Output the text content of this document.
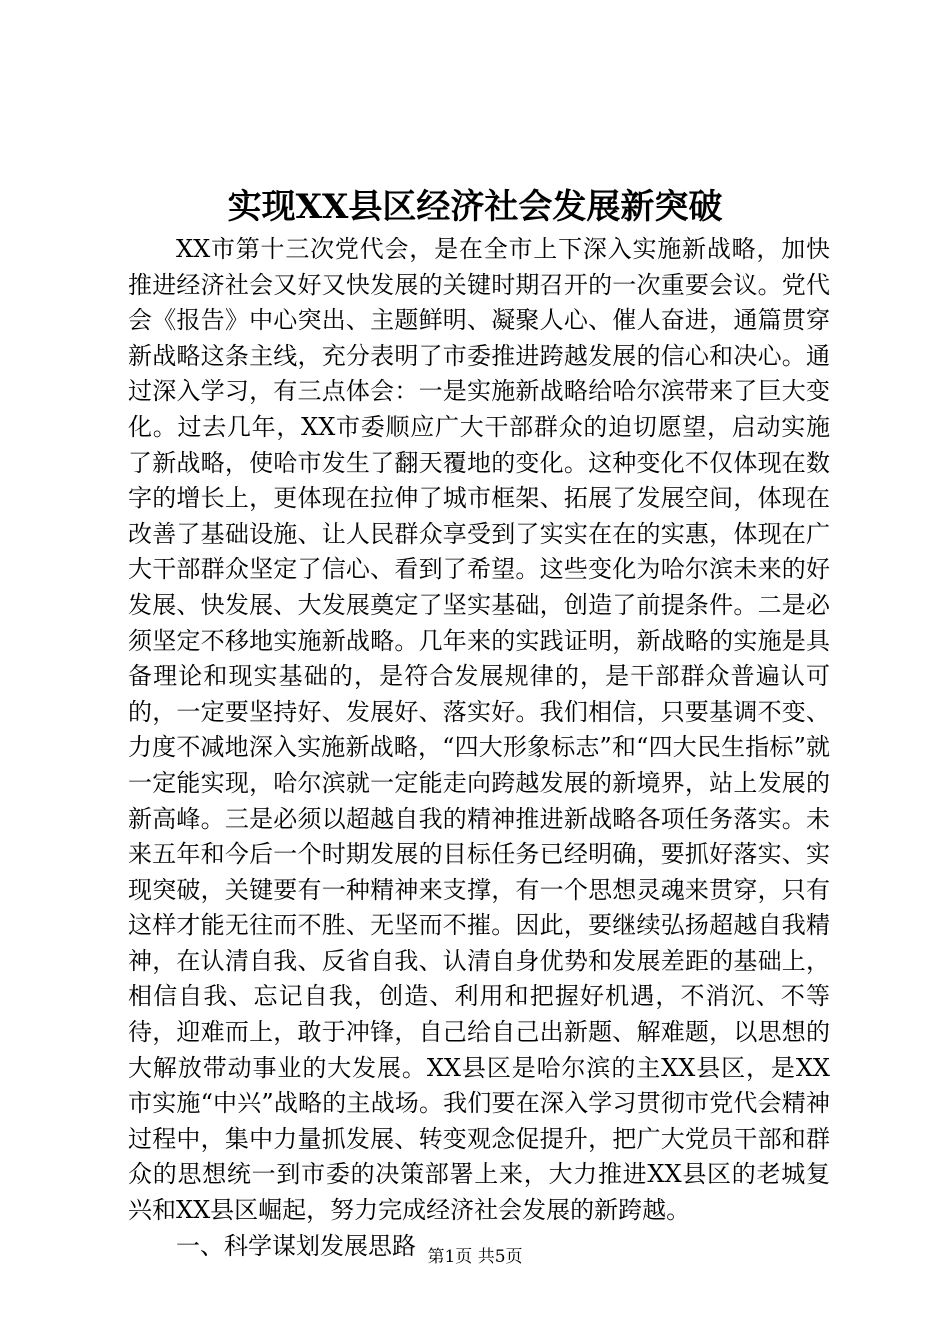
实现XX县区经济社会发展新突破

XX市第十三次党代会，是在全市上下深入实施新战略，加快推进经济社会又好又快发展的关键时期召开的一次重要会议。党代会《报告》中心突出、主题鲜明、凝聚人心、催人奋进，通篇贯穿新战略这条主线，充分表明了市委推进跨越发展的信心和决心。通过深入学习，有三点体会：一是实施新战略给哈尔滨带来了巨大变化。过去几年，XX市委顺应广大干部群众的迫切愿望，启动实施了新战略，使哈市发生了翻天覆地的变化。这种变化不仅体现在数字的增长上，更体现在拉伸了城市框架、拓展了发展空间，体现在改善了基础设施、让人民群众享受到了实实在在的实惠，体现在广大干部群众坚定了信心、看到了希望。这些变化为哈尔滨未来的好发展、快发展、大发展奠定了坚实基础，创造了前提条件。二是必须坚定不移地实施新战略。几年来的实践证明，新战略的实施是具备理论和现实基础的，是符合发展规律的，是干部群众普遍认可的，一定要坚持好、发展好、落实好。我们相信，只要基调不变、力度不减地深入实施新战略，“四大形象标志”和“四大民生指标”就一定能实现，哈尔滨就一定能走向跨越发展的新境界，站上发展的新高峰。三是必须以超越自我的精神推进新战略各项任务落实。未来五年和今后一个时期发展的目标任务已经明确，要抓好落实、实现突破，关键要有一种精神来支撑，有一个思想灵魂来贯穿，只有这样才能无往而不胜、无坚而不摧。因此，要继续弘扬超越自我精神，在认清自我、反省自我、认清自身优势和发展差距的基础上，相信自我、忘记自我，创造、利用和把握好机遇，不消沉、不等待，迎难而上，敢于冲锋，自己给自己出新题、解难题，以思想的大解放带动事业的大发展。XX县区是哈尔滨的主XX县区，是XX市实施“中兴”战略的主战场。我们要在深入学习贯彻市党代会精神过程中，集中力量抓发展、转变观念促提升，把广大党员干部和群众的思想统一到市委的决策部署上来，大力推进XX县区的老城复兴和XX县区崛起，努力完成经济社会发展的新跨越。

一、科学谋划发展思路 第1页 共5页
